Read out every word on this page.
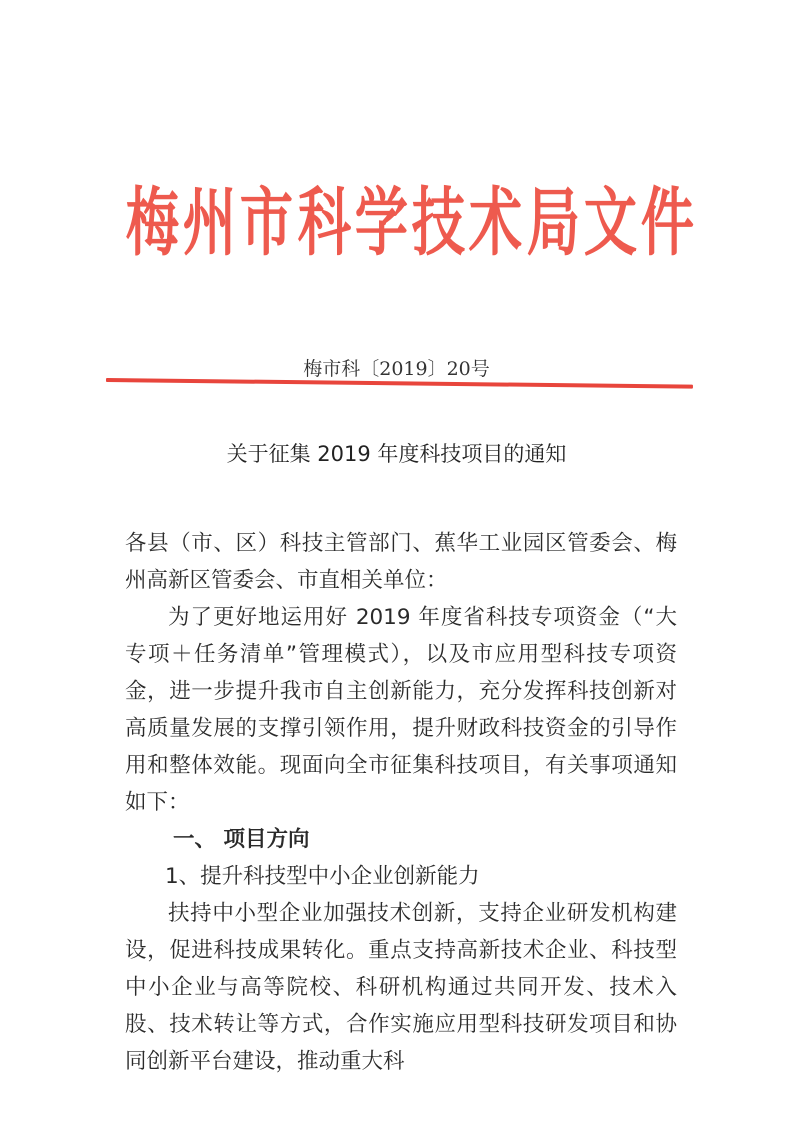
梅 州 市 科 学 技 术 局 文 件
梅市科〔2019〕20号
关于征集 2019 年度科技项目的通知

各县（市、区）科技主管部门、蕉华工业园区管委会、梅州高新区管委会、市直相关单位：

为了更好地运用好 2019 年度省科技专项资金（“大专项＋任务清单”管理模式），以及市应用型科技专项资金，进一步提升我市自主创新能力，充分发挥科技创新对高质量发展的支撑引领作用，提升财政科技资金的引导作用和整体效能。现面向全市征集科技项目，有关事项通知如下：

一、 项目方向

1、提升科技型中小企业创新能力

扶持中小型企业加强技术创新，支持企业研发机构建设，促进科技成果转化。重点支持高新技术企业、科技型中小企业与高等院校、科研机构通过共同开发、技术入股、技术转让等方式，合作实施应用型科技研发项目和协同创新平台建设，推动重大科
